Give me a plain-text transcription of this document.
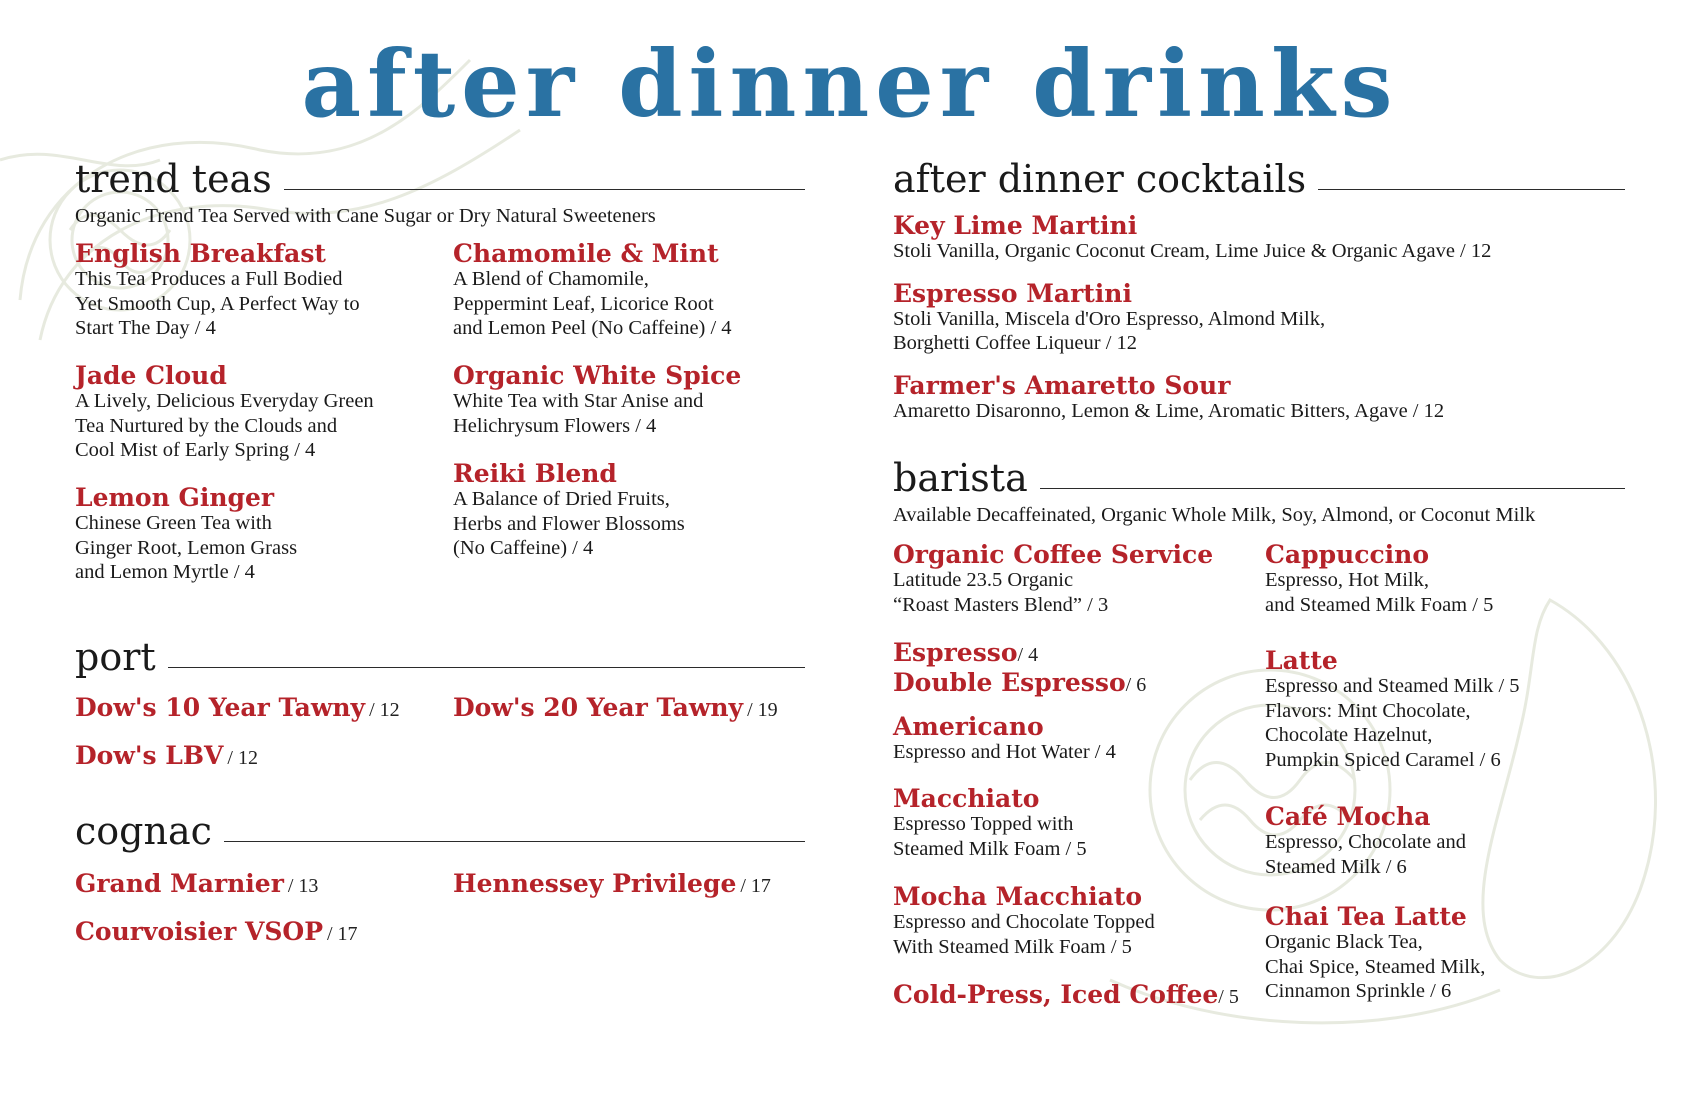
after dinner drinks
trend teas
Organic Trend Tea Served with Cane Sugar or Dry Natural Sweeteners
English Breakfast
This Tea Produces a Full Bodied
Yet Smooth Cup, A Perfect Way to
Start The Day / 4
Jade Cloud
A Lively, Delicious Everyday Green
Tea Nurtured by the Clouds and
Cool Mist of Early Spring / 4
Lemon Ginger
Chinese Green Tea with
Ginger Root, Lemon Grass
and Lemon Myrtle / 4
Chamomile & Mint
A Blend of Chamomile,
Peppermint Leaf, Licorice Root
and Lemon Peel (No Caffeine) / 4
Organic White Spice
White Tea with Star Anise and
Helichrysum Flowers / 4
Reiki Blend
A Balance of Dried Fruits,
Herbs and Flower Blossoms
(No Caffeine) / 4
port
Dow's 10 Year Tawny / 12 Dow's 20 Year Tawny / 19
Dow's LBV / 12
cognac
Grand Marnier / 13	Hennessey Privilege / 17
Courvoisier VSOP / 17
after dinner cocktails
Key Lime Martini
Stoli Vanilla, Organic Coconut Cream, Lime Juice & Organic Agave / 12
Espresso Martini
Stoli Vanilla, Miscela d'Oro Espresso, Almond Milk,
Borghetti Coffee Liqueur / 12
Farmer's Amaretto Sour
Amaretto Disaronno, Lemon & Lime, Aromatic Bitters, Agave / 12
barista
Available Decaffeinated, Organic Whole Milk, Soy, Almond, or Coconut Milk
Organic Coffee Service
Latitude 23.5 Organic
“Roast Masters Blend” / 3
Espresso/ 4
Double Espresso/ 6
Americano
Espresso and Hot Water / 4
Macchiato
Espresso Topped with
Steamed Milk Foam / 5
Mocha Macchiato
Espresso and Chocolate Topped
With Steamed Milk Foam / 5
Cold-Press, Iced Coffee/ 5
Cappuccino
Espresso, Hot Milk,
and Steamed Milk Foam / 5
Latte
Espresso and Steamed Milk / 5
Flavors: Mint Chocolate,
Chocolate Hazelnut,
Pumpkin Spiced Caramel / 6
Café Mocha
Espresso, Chocolate and
Steamed Milk / 6
Chai Tea Latte
Organic Black Tea,
Chai Spice, Steamed Milk,
Cinnamon Sprinkle / 6
